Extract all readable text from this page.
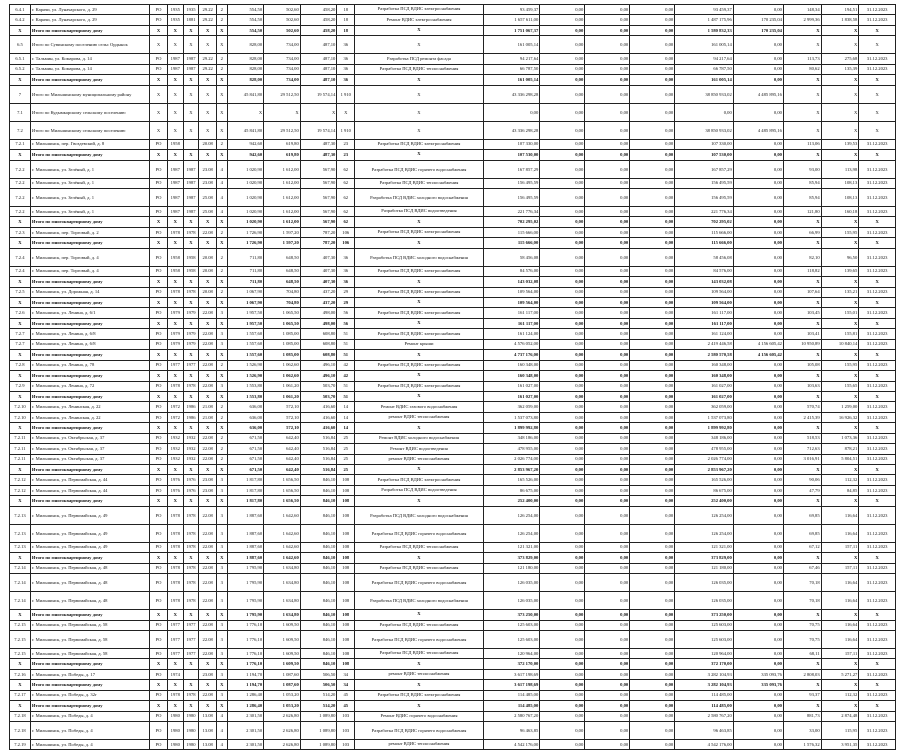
6.4.1	г. Карачи, ул. Луначарского, д. 29	РО	1935	1935	29.22	2	554,50	502,60	458,20	18	Разработка ПСД ВДИС электроснабжения	93 459,37	0,00	0,00	0,00	93 459,37	0,00	148,34	194,51	31.12.2023
6.4.2	г. Карачи, ул. Луначарского, д. 29	РО	1935	1881	29.22	2	554,50	502,60	458,20	18	Ремонт ВДИС электроснабжения	1 657 611,00	0,00	0,00	0,00	1 487 175,96	170 235,04	2 999,36	1 838,58	31.12.2023
X	Итого по многоквартирному дому	X	X	X	X	X	554,50	502,60	458,20	18	X	1 751 067,37	0,00	0,00	0,00	1 580 832,33	170 235,04	X	X	X
6.5	Итого по Сувинскому поселению сельс Ордынск	X	X	X	X	X	828,00	734,00	487,10	36	X	161 005,14	0,00	0,00	0,00	161 005,14	0,00	X	X	X
6.5.1	г. Тальмин, ул. Комарова, д. 14	РО	1987	1987	29.22	2	828,00	734,00	487,10	36	Разработка ПСД ремонта фасада	94 217,64	0,00	0,00	0,00	94 217,64	0,00	113,73	275,68	31.12.2023
6.5.2	г. Тальмин, ул. Комарова, д. 14	РО	1987	1987	29.22	2	828,00	734,00	487,10	36	Разработка ПСД ВДИС теплоснабжения	66 787,50	0,00	0,00	0,00	66 787,50	0,00	80,62	135,39	31.12.2023
X	Итого по многоквартирному дому	X	X	X	X	X	828,00	734,00	487,10	36	X	161 005,14	0,00	0,00	0,00	161 005,14	0,00	X	X	X
7	Итого по Мильшинскому муниципальному району	X	X	X	X	X	45 841,80	29 512,50	19 574,14	1 910	X	43 336 298,28	0,00	0,00	0,00	38 850 933,02	4 485 895,16	X	X	X
7.1	Итого по Кудымкарскому сельскому поселению	X	X	X	X	X	X	X	X	X	X	0,00	0,00	0,00	0,00	0,00	0,00	X	X	X
7.2	Итого по Мильшинскому сельскому поселению	X	X	X	X	X	45 841,80	29 512,50	19 574,14	1 910	X	43 336 298,28	0,00	0,00	0,00	38 850 933,02	4 485 895,16	X	X	X
7.2.1	г. Мильшинск, пер. Гвоздевский, д. 8	РО	1958		20.08	2	942,60	619,80	487,30	23	Разработка ПСД ВДИС электроснабжения	107 330,00	0,00	0,00	0,00	107 330,00	0,00	113,06	139,53	31.12.2023
X	Итого по многоквартирному дому	X	X	X	X	X	942,60	619,80	487,30	23	X	107 530,00	0,00	0,00	0,00	107 530,00	0,00	X	X	X
7.2.2	г. Мильшинск, ул. Зелёный, д. 1	РО	1987	1987	23.08	4	1 020,90	1 612,00	567,90	62	Разработка ПСД ВДИС горячего водоснабжения	167 857,29	0,00	0,00	0,00	167 857,29	0,00	93,00	113,98	31.12.2023
7.2.2	г. Мильшинск, ул. Зелёный, д. 1	РО	1987	1987	23.08	4	1 020,90	1 612,00	567,90	62	Разработка ПСД ВДИС теплоснабжения	156 495,59	0,00	0,00	0,00	156 495,59	0,00	85,94	108,13	31.12.2023
7.2.2	г. Мильшинск, ул. Зелёный, д. 1	РО	1987	1987	25.08	4	1 020,90	1 612,00	567,90	62	Разработка ПСД ВДИС холодного водоснабжения	156 495,59	0,00	0,00	0,00	156 495,59	0,00	85,94	108,13	31.12.2023
7.2.2	г. Мильшинск, ул. Зелёный, д. 1	РО	1987	1987	25.08	4	1 020,90	1 612,00	567,90	62	Разработка ПСД ВДИС водоотведения	221 776,34	0,00	0,00	0,00	221 776,34	0,00	121,80	160,18	31.12.2023
X	Итого по многоквартирному дому	X	X	X	X	X	1 020,90	1 612,00	567,90	62	X	702 295,02	0,00	0,00	0,00	702 295,02	0,00	X	X	X
7.2.3	г. Мильшинск, пер. Торговый, д. 2	РО	1978	1978	22.08	2	1 726,90	1 597,20	787,20	106	Разработка ПСД ВДИС электроснабжения	115 666,00	0,00	0,00	0,00	115 666,00	0,00	66,99	155,95	31.12.2023
X	Итого по многоквартирному дому	X	X	X	X	X	1 726,90	1 597,20	787,20	106	X	115 666,00	0,00	0,00	0,00	115 666,00	0,00	X	X	X
7.2.4	г. Мильшинск, пер. Торговый, д. 4	РО	1958	1958	20.08	2	711,80	648,50	407,30	36	Разработка ПСД ВДИС холодного водоснабжения	58 456,08	0,00	0,00	0,00	58 456,08	0,00	82,10	96,50	31.12.2023
7.2.4	г. Мильшинск, пер. Торговый, д. 4	РО	1958	1958	20.08	2	711,80	648,50	407,30	36	Разработка ПСД ВДИС электроснабжения	84 576,00	0,00	0,00	0,00	84 576,00	0,00	118,82	139,65	31.12.2023
X	Итого по многоквартирному дому	X	X	X	X	X	711,80	648,50	407,30	36	X	143 032,08	0,00	0,00	0,00	143 032,08	0,00	X	X	X
7.2.5	г. Мильшинск, ул. Дорожная, д. 14	РО	1978	1978	20.08	2	1 067,90	704,80	437,20	29	Разработка ПСД ВДИС электроснабжения	109 564,00	0,00	0,00	0,00	109 564,00	0,00	107,64	135,21	31.12.2023
X	Итого по многоквартирному дому	X	X	X	X	X	1 067,90	704,80	437,20	29	X	109 564,00	0,00	0,00	0,00	109 564,00	0,00	X	X	X
7.2.6	г. Мильшинск, ул. Ленина, д. 6/1	РО	1979	1979	22.08	3	1 957,50	1 065,50	498,00	56	Разработка ПСД ВДИС электроснабжения	161 117,00	0,00	0,00	0,00	161 117,00	0,00	103,45	155,01	31.12.2023
X	Итого по многоквартирному дому	X	X	X	X	X	1 957,50	1 065,50	498,00	56	X	161 117,00	0,00	0,00	0,00	161 117,00	0,00	X	X	X
7.2.7	г. Мильшинск, ул. Ленина, д. 6/8	РО	1979	1979	22.08	3	1 557,60	1 085,00	608,80	51	Разработка ПСД ВДИС электроснабжения	161 124,00	0,00	0,00	0,00	161 124,00	0,00	103,41	155,81	31.12.2023
7.2.7	г. Мильшинск, ул. Ленина, д. 6/8	РО	1979	1979	22.08	3	1 557,60	1 085,00	608,80	51	Ремонт крыши	4 576 052,00	0,00	0,00	0,00	2 419 446,58	4 156 605,42	10 950,89	10 840,14	31.12.2023
X	Итого по многоквартирному дому	X	X	X	X	X	1 557,60	1 085,00	608,80	51	X	4 737 176,00	0,00	0,00	0,00	2 580 570,58	4 156 605,42	X	X	X
7.2.8	г. Мильшинск, ул. Ленина, д. 78	РО	1977	1977	22.08	2	1 526,90	1 062,60	496,10	42	Разработка ПСД ВДИС электроснабжения	160 348,00	0,00	0,00	0,00	160 348,00	0,00	105,08	155,95	31.12.2023
X	Итого по многоквартирному дому	X	X	X	X	X	1 526,90	1 062,60	496,10	42	X	160 348,00	0,00	0,00	0,00	160 348,00	0,00	X	X	X
7.2.9	г. Мильшинск, ул. Ленина, д. 72	РО	1978	1978	22.08	3	1 553,80	1 061,20	503,70	51	Разработка ПСД ВДИС электроснабжения	161 027,00	0,00	0,00	0,00	161 027,00	0,00	103,63	155,65	31.12.2023
X	Итого по многоквартирному дому	X	X	X	X	X	1 553,80	1 061,20	503,70	51	X	161 027,00	0,00	0,00	0,00	161 027,00	0,00	X	X	X
7.2.10	г. Мильшинск, ул. Ленинская, д. 22	РО	1972	1986	21.08	2	636,00	572,10	416,60	14	Ремонт ВДИС газового водоснабжения	362 059,00	0,00	0,00	0,00	362 059,00	0,00	570,74	1 259,00	31.12.2023
7.2.10	г. Мильшинск, ул. Ленинская, д. 22	РО	1972	1986	21.08	2	636,00	572,10	416,60	14	ремонт ВДИС теплоснабжения	1 537 073,80	0,00	0,00	0,00	1 537 073,80	0,00	2 415,39	16 926,32	31.12.2023
X	Итого по многоквартирному дому	X	X	X	X	X	636,00	572,10	416,60	14	X	1 899 992,80	0,00	0,00	0,00	1 899 992,80	0,00	X	X	X
7.2.11	г. Мильшинск, ул. Октябрьская, д. 37	РО	1932	1932	22.08	2	671,50	642,40	516,84	25	Ремонт ВДИС холодного водоснабжения	348 186,00	0,00	0,00	0,00	348 186,00	0,00	518,53	1 073,36	31.12.2023
7.2.11	г. Мильшинск, ул. Октябрьская, д. 37	РО	1932	1932	22.08	2	671,50	642,40	516,84	25	Ремонт ВДИС водоотведения	478 955,00	0,00	0,00	0,00	478 955,00	0,00	712,63	878,21	31.12.2023
7.2.11	г. Мильшинск, ул. Октябрьская, д. 37	РО	1932	1932	22.08	2	671,50	642,40	516,84	25	ремонт ВДИС теплоснабжения	2 026 774,00	0,00	0,00	0,00	2 026 774,00	0,00	3 016,91	5 804,51	31.12.2023
X	Итого по многоквартирному дому	X	X	X	X	X	671,50	642,40	516,84	25	X	2 853 967,20	0,00	0,00	0,00	2 853 967,20	0,00	X	X	X
7.2.12	г. Мильшинск, ул. Первомайская, д. 44	РО	1976	1976	23.08	3	1 817,80	1 656,50	846,10	108	Разработка ПСД ВДИС электроснабжения	165 526,00	0,00	0,00	0,00	165 526,00	0,00	90,06	112,32	31.12.2023
7.2.12	г. Мильшинск, ул. Первомайская, д. 44	РО	1976	1976	23.08	3	1 817,80	1 656,50	846,10	108	Разработка ПСД ВДИС водоотведения	86 675,00	0,00	0,00	0,00	86 675,00	0,00	47,79	84,85	31.12.2023
X	Итого по многоквартирному дому	X	X	X	X	X	1 817,80	1 656,50	846,10	108	X	252 400,00	0,00	0,00	0,00	252 400,00	0,00	X	X	X
7.2.13	г. Мильшинск, ул. Первомайская, д. 49	РО	1978	1978	22.08	3	1 887,60	1 642,60	846,10	108	Разработка ПСД ВДИС холодного водоснабжения	126 254,00	0,00	0,00	0,00	126 254,00	0,00	69,85	116,64	31.12.2023
7.2.13	г. Мильшинск, ул. Первомайская, д. 49	РО	1978	1978	22.08	3	1 887,60	1 642,60	846,10	108	Разработка ПСД ВДИС горячего водоснабжения	126 254,00	0,00	0,00	0,00	126 254,00	0,00	69,85	116,64	31.12.2023
7.2.13	г. Мильшинск, ул. Первомайская, д. 49	РО	1978	1978	22.08	3	1 887,60	1 642,60	846,10	108	Разработка ПСД ВДИС теплоснабжения	121 321,00	0,00	0,00	0,00	121 321,00	0,00	67,12	157,11	31.12.2023
X	Итого по многоквартирному дому	X	X	X	X	X	1 887,60	1 642,60	846,10	108	X	373 829,00	0,00	0,00	0,00	373 829,00	0,00	X	X	X
7.2.14	г. Мильшинск, ул. Первомайская, д. 48	РО	1978	1978	22.08	3	1 795,90	1 634,80	846,10	108	Разработка ПСД ВДИС теплоснабжения	121 180,00	0,00	0,00	0,00	121 180,00	0,00	67,46	157,11	31.12.2023
7.2.14	г. Мильшинск, ул. Первомайская, д. 48	РО	1978	1978	22.08	3	1 795,90	1 634,80	846,10	108	Разработка ПСД ВДИС горячего водоснабжения	126 035,00	0,00	0,00	0,00	126 035,00	0,00	70,18	116,64	31.12.2023
7.2.14	г. Мильшинск, ул. Первомайская, д. 48	РО	1978	1978	22.08	3	1 795,90	1 634,80	846,10	108	Разработка ПСД ВДИС холодного водоснабжения	126 035,00	0,00	0,00	0,00	126 035,00	0,00	70,18	116,64	31.12.2023
X	Итого по многоквартирному дому	X	X	X	X	X	1 795,90	1 634,80	846,10	108	X	373 250,00	0,00	0,00	0,00	373 250,00	0,00	X	X	X
7.2.15	г. Мильшинск, ул. Первомайская, д. 58	РО	1977	1977	22.08	3	1 776,10	1 609,50	846,10	108	Разработка ПСД ВДИС теплоснабжения	125 603,00	0,00	0,00	0,00	125 603,00	0,00	70,75	116,64	31.12.2023
7.2.15	г. Мильшинск, ул. Первомайская, д. 58	РО	1977	1977	22.08	3	1 776,10	1 609,50	846,10	108	Разработка ПСД ВДИС горячего водоснабжения	125 603,00	0,00	0,00	0,00	125 603,00	0,00	70,75	116,64	31.12.2023
7.2.15	г. Мильшинск, ул. Первомайская, д. 58	РО	1977	1977	22.08	3	1 776,10	1 609,50	846,10	108	Разработка ПСД ВДИС теплоснабжения	120 964,00	0,00	0,00	0,00	120 964,00	0,00	68,11	157,11	31.12.2023
X	Итого по многоквартирному дому	X	X	X	X	X	1 776,10	1 609,50	846,10	108	X	372 170,00	0,00	0,00	0,00	372 170,00	0,00	X	X	X
7.2.16	г. Мильшинск, ул. Победы, д. 17	РО	1974		23.08	3	1 194,70	1 087,60	506,50	34	ремонт ВДИС теплоснабжения	3 617 198,69	0,00	0,00	0,00	3 282 104,93	335 093,76	2 808,03	5 271,27	31.12.2023
X	Итого по многоквартирному дому	X	X	X	X	X	1 194,70	1 087,60	506,50	34	X	3 617 198,69	0,00	0,00	0,00	3 282 104,93	335 093,76	X	X	X
7.2.17	г. Мильшинск, ул. Победы, д. 32г	РО	1978	1978	22.08	3	1 286,40	1 053,20	514,20	45	Разработка ПСД ВДИС электроснабжения	114 485,00	0,00	0,00	0,00	114 485,00	0,00	93,37	112,32	31.12.2023
X	Итого по многоквартирному дому	X	X	X	X	X	1 286,40	1 053,20	514,20	45	X	114 485,00	0,00	0,00	0,00	114 485,00	0,00	X	X	X
7.2.18	г. Мильшинск, ул. Победы, д. 4	РО	1980	1980	13.08	4	2 301,50	2 626,80	1 089,80	103	Ремонт ВДИС горячего водоснабжения	2 580 767,20	0,00	0,00	0,00	2 580 767,20	0,00	881,73	2 874,48	31.12.2023
7.2.18	г. Мильшинск, ул. Победы, д. 4	РО	1980	1980	13.08	4	2 301,50	2 626,80	1 089,80	103	Разработка ПСД ВДИС горячего водоснабжения	96 463,85	0,00	0,00	0,00	96 463,85	0,00	33,00	115,95	31.12.2023
7.2.19	г. Мильшинск, ул. Победы, д. 4	РО	1980	1980	13.08	4	2 301,50	2 626,80	1 089,80	103	ремонт ВДИС теплоснабжения	4 542 176,00	0,00	0,00	0,00	4 542 176,00	0,00	1 576,32	3 951,35	31.12.2023
